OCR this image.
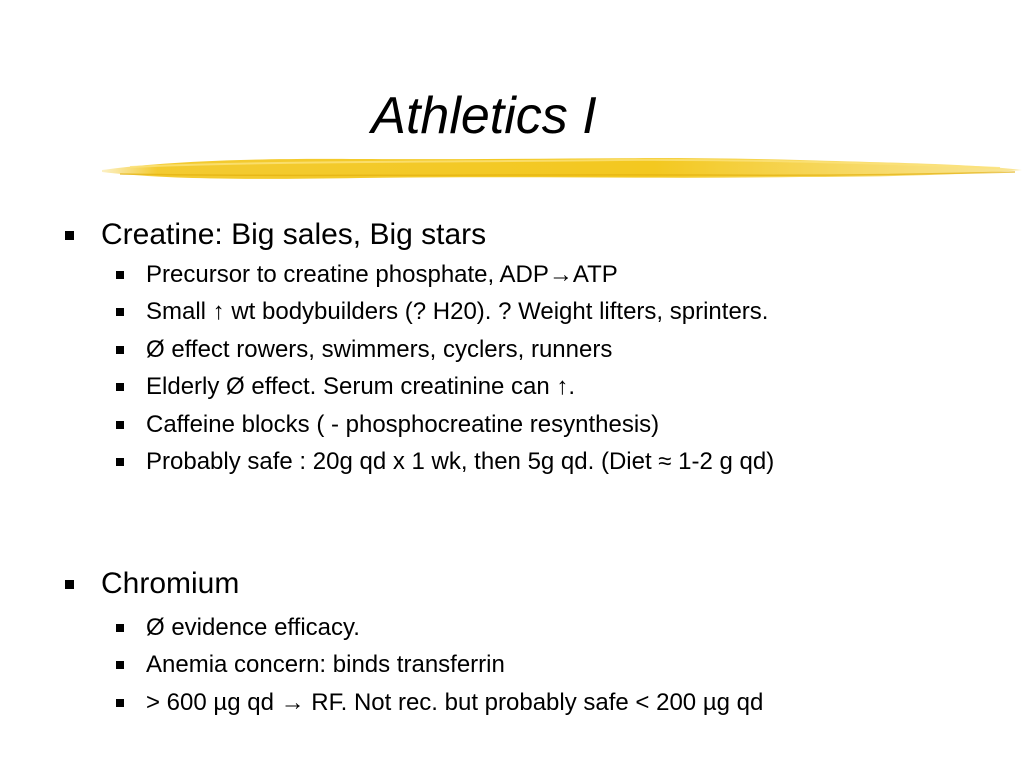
Athletics I
Creatine: Big sales, Big stars
Precursor to creatine phosphate, ADP→ATP
Small ↑ wt bodybuilders (? H20). ? Weight lifters, sprinters.
Ø effect rowers, swimmers, cyclers, runners
Elderly Ø effect. Serum creatinine can ↑.
Caffeine blocks ( - phosphocreatine resynthesis)
Probably safe : 20g qd x 1 wk, then 5g qd. (Diet ≈ 1-2 g qd)
Chromium
Ø evidence efficacy.
Anemia concern: binds transferrin
> 600 µg qd → RF. Not rec. but probably safe < 200 µg qd
